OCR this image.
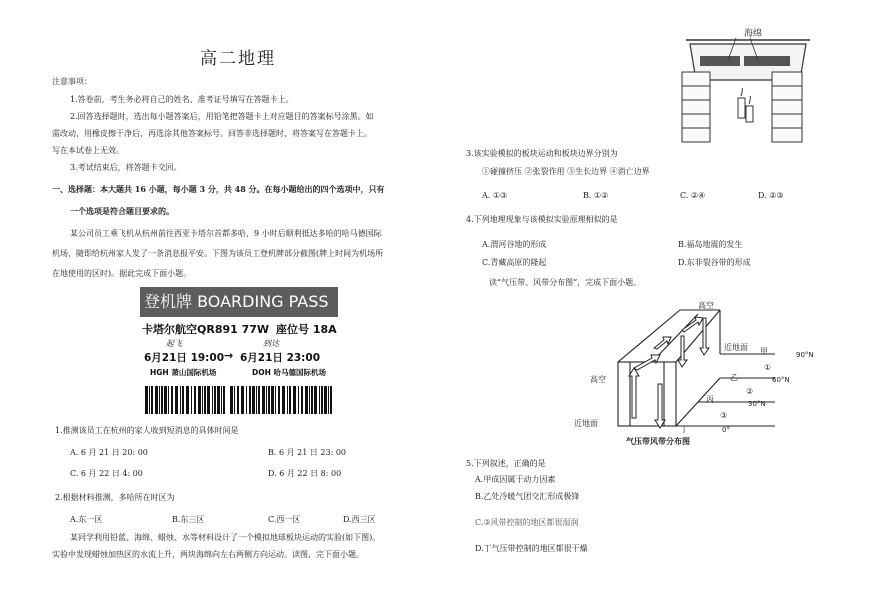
高二地理
注意事项：
1.答卷前，考生务必将自己的姓名、准考证号填写在答题卡上。
2.回答选择题时，选出每小题答案后，用铅笔把答题卡上对应题目的答案标号涂黑。如
需改动，用橡皮擦干净后，再选涂其他答案标号。回答非选择题时，将答案写在答题卡上。
写在本试卷上无效。
3.考试结束后，将答题卡交回。
一、选择题：本大题共 16 小题，每小题 3 分，共 48 分。在每小题给出的四个选项中，只有
一个选项是符合题目要求的。
某公司员工乘飞机从杭州前往西亚卡塔尔首都多哈，9 小时后顺利抵达多哈的哈马德国际
机场，随即给杭州家人发了一条消息报平安。下图为该员工登机牌部分截图(牌上时间为机场所
在地使用的区时)。据此完成下面小题。
登机牌 BOARDING PASS
卡塔尔航空QR891 77W 座位号 18A
起飞	到达
6月21日 19:00 → 6月21日 23:00
HGH 萧山国际机场	DOH 哈马德国际机场
1.推测该员工在杭州的家人收到短消息的具体时间是
A. 6 月 21 日 20: 00	B. 6 月 21 日 23: 00
C. 6 月 22 日 4: 00	D. 6 月 22 日 8: 00
2.根据材料推测，多哈所在时区为
A.东一区	B.东三区	C.西一区	D.西三区
某同学利用铅蓝、海绵、蜡烛、水等材料设计了一个模拟地球板块运动的实验(如下图)。
实验中发现蜡烛加热区的水流上升，两块海绵向左右两侧方向运动。读图，完下面小题。
海绵
3.该实验模拟的板块运动和板块边界分别为
①碰撞挤压 ②张裂作用 ③生长边界 ④消亡边界
A. ①③	B. ①②	C. ②④	D. ②③
4.下列地理现象与该模拟实验原理相似的是
A.渭河谷地的形成	B.福岛地震的发生
C.青藏高原的隆起	D.东非裂谷带的形成
读“气压带、风带分布图”，完成下面小题。
高空
高空
近地面
近地面
甲
乙
丙
丁
90°N
60°N
30°N
0°
①
②
③
气压带风带分布图
5.下列叙述，正确的是
A.甲成因属于动力因素
B.乙处冷暖气团交汇形成极锋
C.③风带控制的地区都很湿润
D.丁气压带控制的地区都很干燥
